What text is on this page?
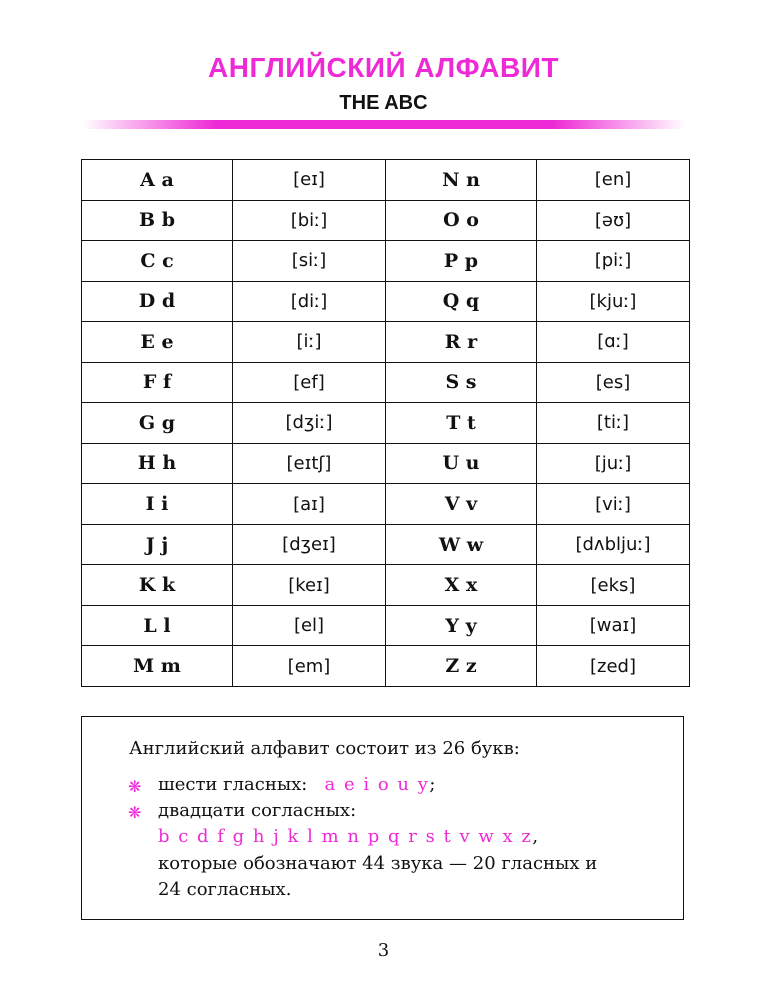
АНГЛИЙСКИЙ АЛФАВИТ
THE ABC
A a	[eɪ]	N n	[en]
B b	[biː]	O o	[əʊ]
C c	[siː]	P p	[piː]
D d	[diː]	Q q	[kjuː]
E e	[iː]	R r	[ɑː]
F f	[ef]	S s	[es]
G g	[dʒiː]	T t	[tiː]
H h	[eɪtʃ]	U u	[juː]
I i	[aɪ]	V v	[viː]
J j	[dʒeɪ]	W w	[dʌbljuː]
K k	[keɪ]	X x	[eks]
L l	[el]	Y y	[waɪ]
M m	[em]	Z z	[zed]
Английский алфавит состоит из 26 букв:
❋ шести гласных: a e i o u y;
❋ двадцати согласных:
b c d f g h j k l m n p q r s t v w x z,
которые обозначают 44 звука — 20 гласных и
24 согласных.
3
